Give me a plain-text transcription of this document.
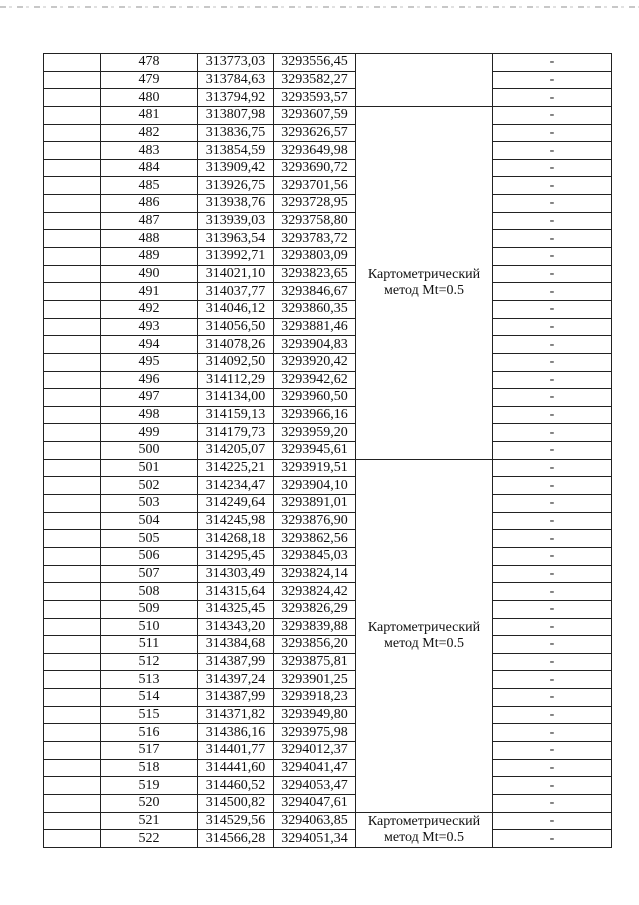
	478	313773,03	3293556,45		-
	479	313784,63	3293582,27		-
	480	313794,92	3293593,57		-
	481	313807,98	3293607,59	Картометрический
метод Mt=0.5	-
	482	313836,75	3293626,57		-
	483	313854,59	3293649,98		-
	484	313909,42	3293690,72		-
	485	313926,75	3293701,56		-
	486	313938,76	3293728,95		-
	487	313939,03	3293758,80		-
	488	313963,54	3293783,72		-
	489	313992,71	3293803,09		-
	490	314021,10	3293823,65		-
	491	314037,77	3293846,67		-
	492	314046,12	3293860,35		-
	493	314056,50	3293881,46		-
	494	314078,26	3293904,83		-
	495	314092,50	3293920,42		-
	496	314112,29	3293942,62		-
	497	314134,00	3293960,50		-
	498	314159,13	3293966,16		-
	499	314179,73	3293959,20		-
	500	314205,07	3293945,61		-
	501	314225,21	3293919,51	Картометрический
метод Mt=0.5	-
	502	314234,47	3293904,10		-
	503	314249,64	3293891,01		-
	504	314245,98	3293876,90		-
	505	314268,18	3293862,56		-
	506	314295,45	3293845,03		-
	507	314303,49	3293824,14		-
	508	314315,64	3293824,42		-
	509	314325,45	3293826,29		-
	510	314343,20	3293839,88		-
	511	314384,68	3293856,20		-
	512	314387,99	3293875,81		-
	513	314397,24	3293901,25		-
	514	314387,99	3293918,23		-
	515	314371,82	3293949,80		-
	516	314386,16	3293975,98		-
	517	314401,77	3294012,37		-
	518	314441,60	3294041,47		-
	519	314460,52	3294053,47		-
	520	314500,82	3294047,61		-
	521	314529,56	3294063,85	Картометрический
метод Mt=0.5	-
	522	314566,28	3294051,34		-
